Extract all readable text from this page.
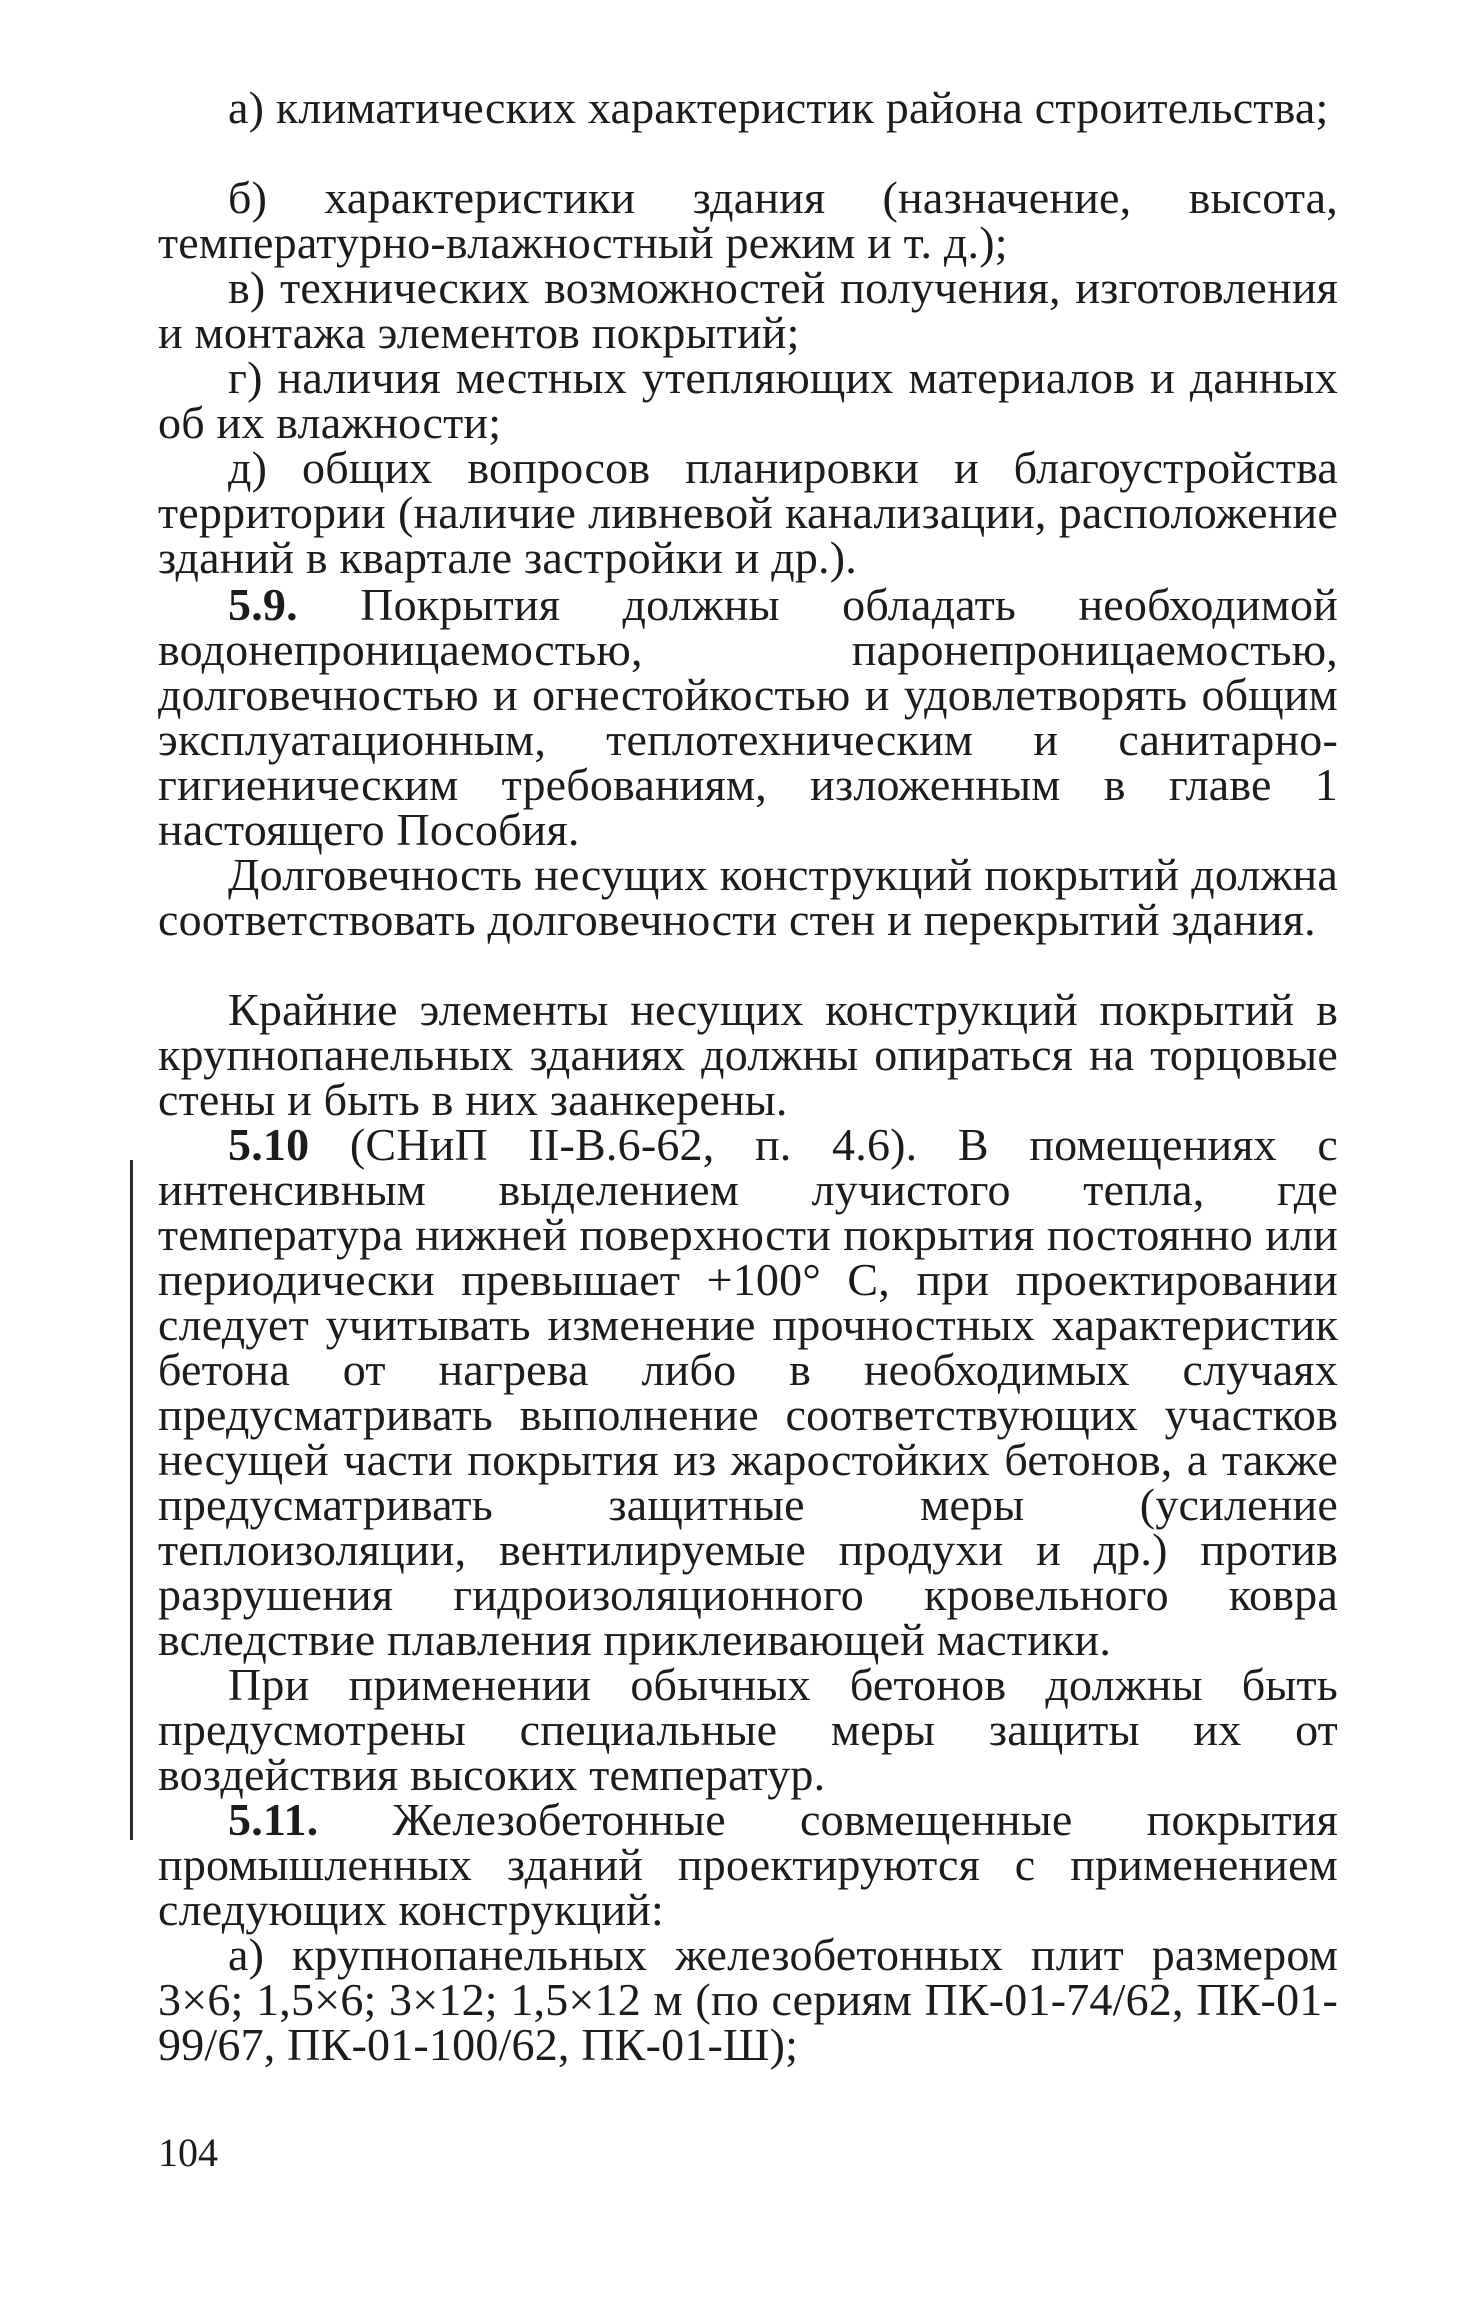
а) климатических характеристик района строительства;

б) характеристики здания (назначение, высота, температурно-влажностный режим и т. д.);

в) технических возможностей получения, изготовления и монтажа элементов покрытий;

г) наличия местных утепляющих материалов и данных об их влажности;

д) общих вопросов планировки и благоустройства территории (наличие ливневой канализации, расположение зданий в квартале застройки и др.).

5.9. Покрытия должны обладать необходимой водонепроницаемостью, паронепроницаемостью, долговечностью и огнестойкостью и удовлетворять общим эксплуатационным, теплотехническим и санитарно-гигиеническим требованиям, изложенным в главе 1 настоящего Пособия.

Долговечность несущих конструкций покрытий должна соответствовать долговечности стен и перекрытий здания.

Крайние элементы несущих конструкций покрытий в крупнопанельных зданиях должны опираться на торцовые стены и быть в них заанкерены.

5.10 (СНиП II-В.6-62, п. 4.6). В помещениях с интенсивным выделением лучистого тепла, где температура нижней поверхности покрытия постоянно или периодически превышает +100° С, при проектировании следует учитывать изменение прочностных характеристик бетона от нагрева либо в необходимых случаях предусматривать выполнение соответствующих участков несущей части покрытия из жаростойких бетонов, а также предусматривать защитные меры (усиление теплоизоляции, вентилируемые продухи и др.) против разрушения гидроизоляционного кровельного ковра вследствие плавления приклеивающей мастики.

При применении обычных бетонов должны быть предусмотрены специальные меры защиты их от воздействия высоких температур.

5.11. Железобетонные совмещенные покрытия промышленных зданий проектируются с применением следующих конструкций:

а) крупнопанельных железобетонных плит размером 3×6; 1,5×6; 3×12; 1,5×12 м (по сериям ПК-01-74/62, ПК-01-99/67, ПК-01-100/62, ПК-01-Ш);

104
